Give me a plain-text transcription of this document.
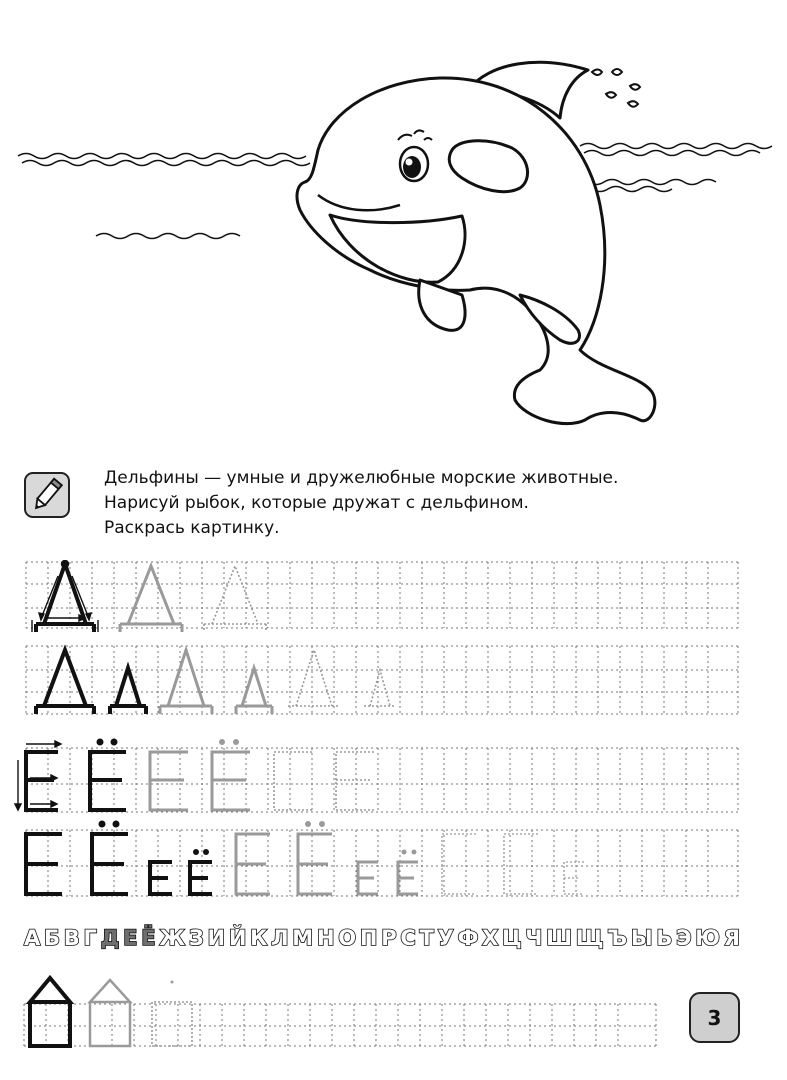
Дельфины — умные и дружелюбные морские животные.
Нарисуй рыбок, которые дружат с дельфином.
Раскрась картинку.
А Б В Г Д Е Ё Ж З И Й К Л М Н О П Р С Т У Ф Х Ц Ч Ш Щ Ъ Ы Ь Э Ю Я
3
